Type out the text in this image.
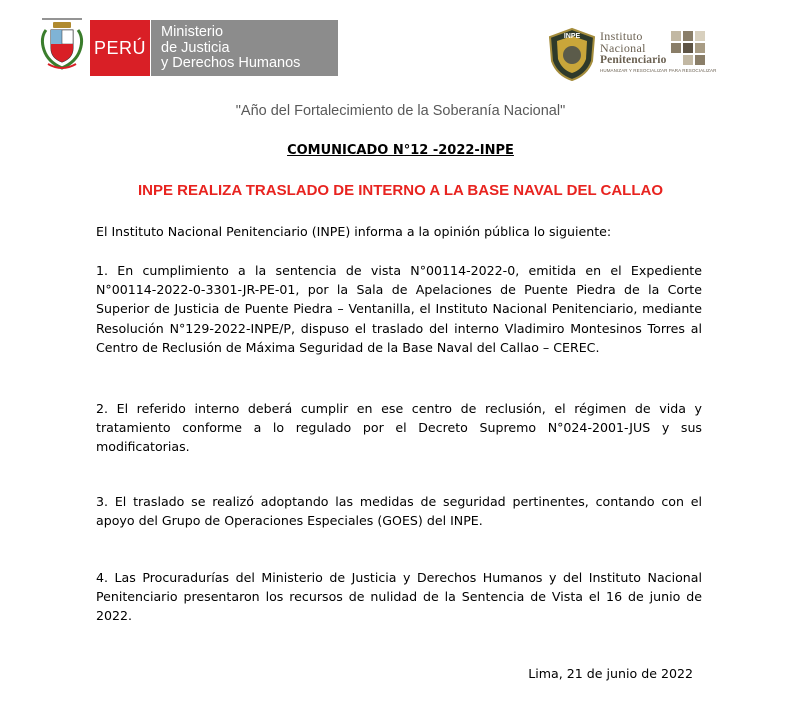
PERÚ
Ministerio
de Justicia
y Derechos Humanos
INPE Instituto
Nacional
Penitenciario
HUMANIZAR Y RESOCIALIZAR PARA RESOCIALIZAR
"Año del Fortalecimiento de la Soberanía Nacional"
COMUNICADO N°12 -2022-INPE
INPE REALIZA TRASLADO DE INTERNO A LA BASE NAVAL DEL CALLAO
El Instituto Nacional Penitenciario (INPE) informa a la opinión pública lo siguiente:
1. En cumplimiento a la sentencia de vista N°00114-2022-0, emitida en el Expediente N°00114-2022-0-3301-JR-PE-01, por la Sala de Apelaciones de Puente Piedra de la Corte Superior de Justicia de Puente Piedra – Ventanilla, el Instituto Nacional Penitenciario, mediante Resolución N°129-2022-INPE/P, dispuso el traslado del interno Vladimiro Montesinos Torres al Centro de Reclusión de Máxima Seguridad de la Base Naval del Callao – CEREC.
2. El referido interno deberá cumplir en ese centro de reclusión, el régimen de vida y tratamiento conforme a lo regulado por el Decreto Supremo N°024-2001-JUS y sus modificatorias.
3. El traslado se realizó adoptando las medidas de seguridad pertinentes, contando con el apoyo del Grupo de Operaciones Especiales (GOES) del INPE.
4. Las Procuradurías del Ministerio de Justicia y Derechos Humanos y del Instituto Nacional Penitenciario presentaron los recursos de nulidad de la Sentencia de Vista el 16 de junio de 2022.
Lima, 21 de junio de 2022
